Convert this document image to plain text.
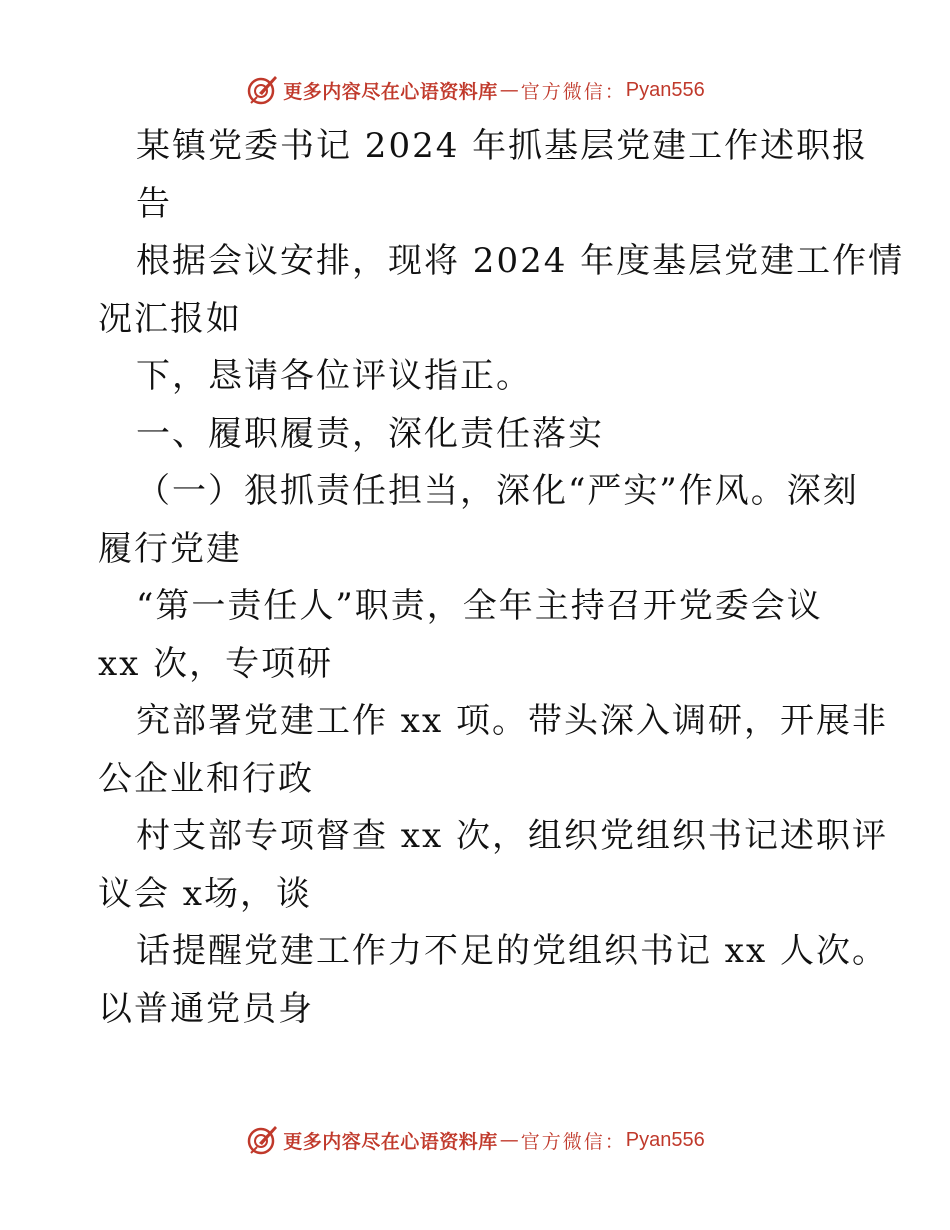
更多内容尽在心语资料库 — 官方微信： Pyan556
某镇党委书记 2024 年抓基层党建工作述职报
告
根据会议安排，现将 2024 年度基层党建工作情
况汇报如
下，恳请各位评议指正。
一、履职履责，深化责任落实
（一）狠抓责任担当，深化“严实”作风。深刻
履行党建
“第一责任人”职责，全年主持召开党委会议
xx 次，专项研
究部署党建工作 xx 项。带头深入调研，开展非
公企业和行政
村支部专项督查 xx 次，组织党组织书记述职评
议会 x场，谈
话提醒党建工作力不足的党组织书记 xx 人次。
以普通党员身
更多内容尽在心语资料库 — 官方微信： Pyan556
